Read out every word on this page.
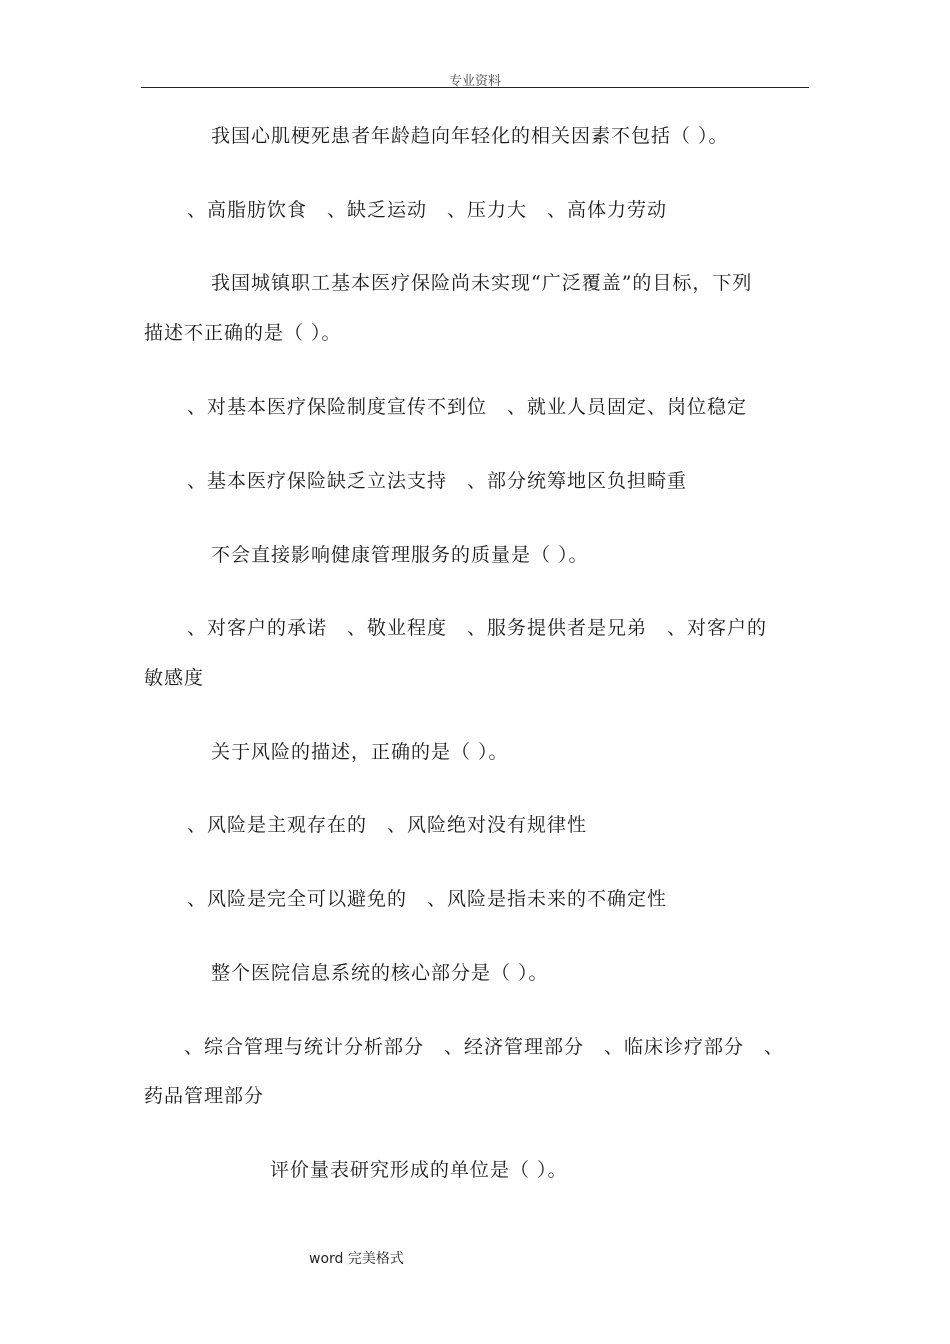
专业资料
我国心肌梗死患者年龄趋向年轻化的相关因素不包括（ ）。
、高脂肪饮食　、缺乏运动　、压力大　、高体力劳动
我国城镇职工基本医疗保险尚未实现“广泛覆盖”的目标，下列
描述不正确的是（ ）。
、对基本医疗保险制度宣传不到位　、就业人员固定、岗位稳定
、基本医疗保险缺乏立法支持　、部分统筹地区负担畸重
不会直接影响健康管理服务的质量是（ ）。
、对客户的承诺　、敬业程度　、服务提供者是兄弟　、对客户的
敏感度
关于风险的描述，正确的是（ ）。
、风险是主观存在的　、风险绝对没有规律性
、风险是完全可以避免的　、风险是指未来的不确定性
整个医院信息系统的核心部分是（ ）。
、综合管理与统计分析部分　、经济管理部分　、临床诊疗部分　、
药品管理部分
评价量表研究形成的单位是（ ）。
word 完美格式
